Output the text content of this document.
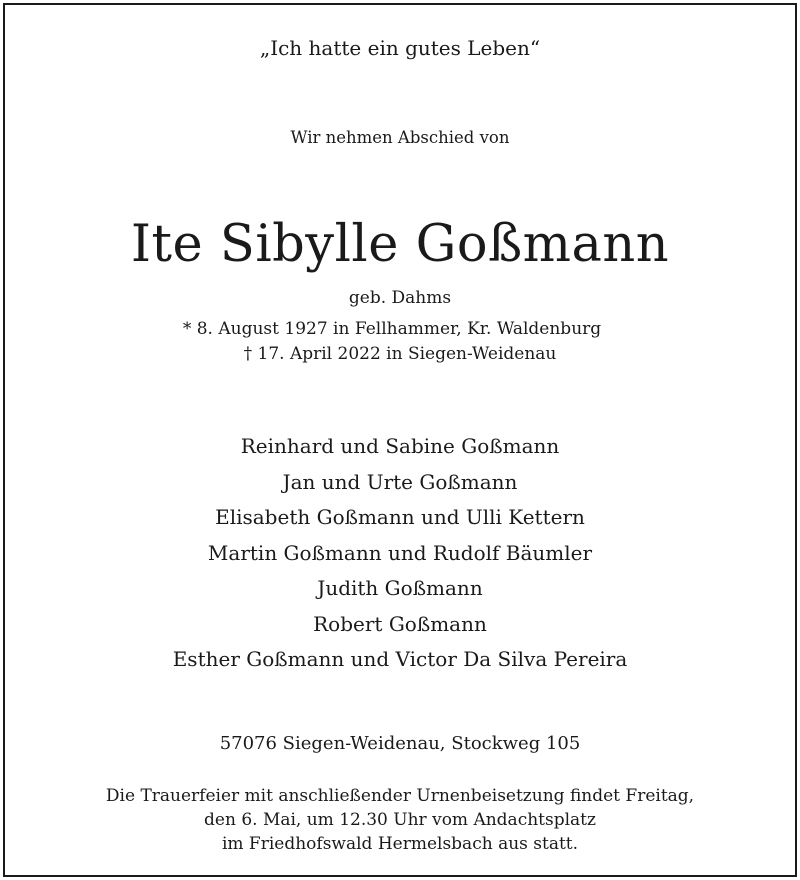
„Ich hatte ein gutes Leben“

Wir nehmen Abschied von

Ite Sibylle Goßmann

geb. Dahms

* 8. August 1927 in Fellhammer, Kr. Waldenburg

† 17. April 2022 in Siegen-Weidenau

Reinhard und Sabine Goßmann
Jan und Urte Goßmann
Elisabeth Goßmann und Ulli Kettern
Martin Goßmann und Rudolf Bäumler
Judith Goßmann
Robert Goßmann
Esther Goßmann und Victor Da Silva Pereira

57076 Siegen-Weidenau, Stockweg 105

Die Trauerfeier mit anschließender Urnenbeisetzung findet Freitag,
den 6. Mai, um 12.30 Uhr vom Andachtsplatz
im Friedhofswald Hermelsbach aus statt.
